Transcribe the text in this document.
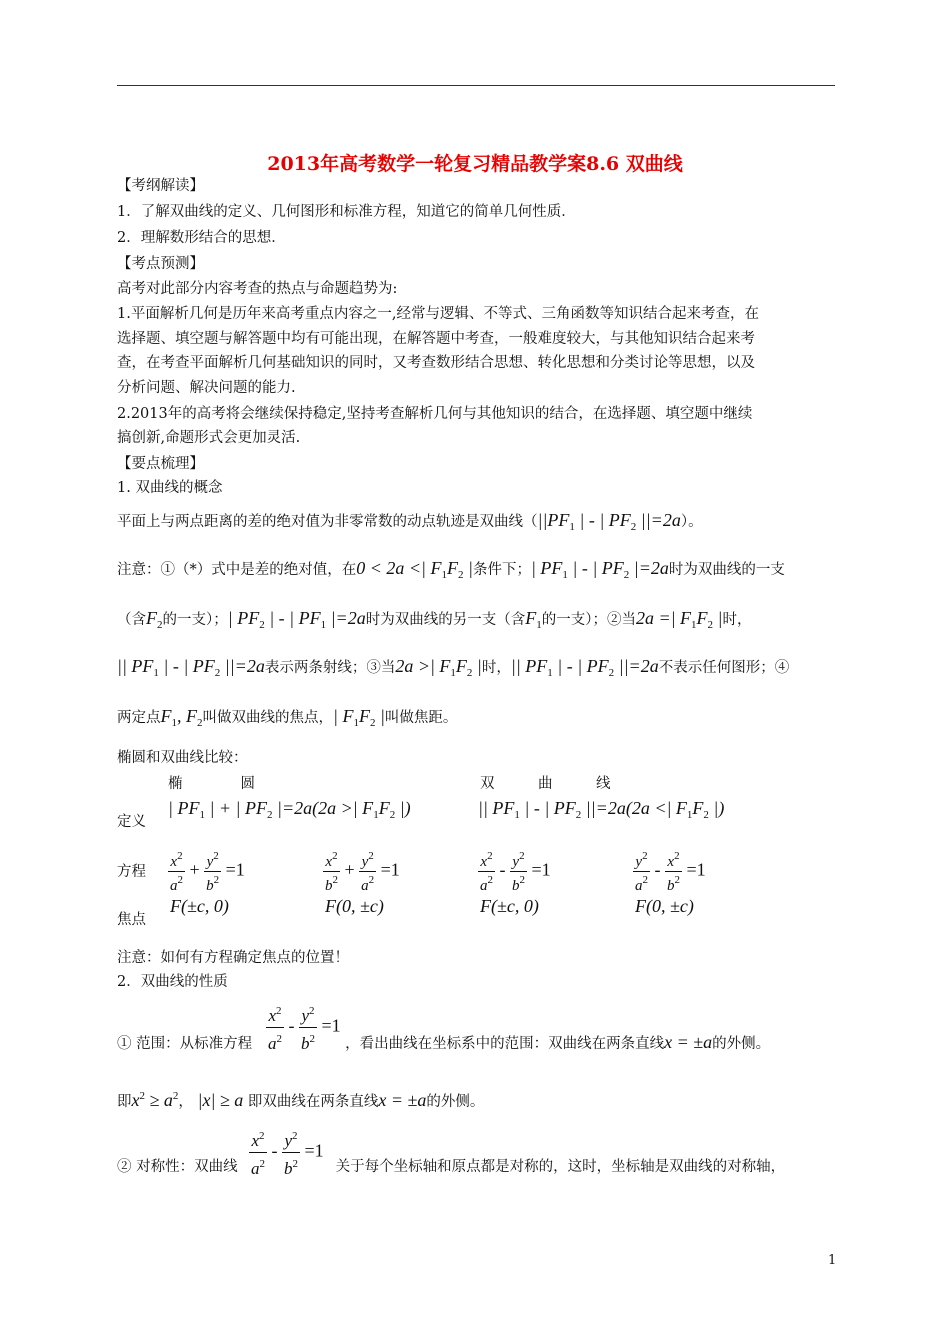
2013年高考数学一轮复习精品教学案8.6 双曲线
【考纲解读】
1．了解双曲线的定义、几何图形和标准方程，知道它的简单几何性质．
2．理解数形结合的思想．
【考点预测】
高考对此部分内容考查的热点与命题趋势为:
1.平面解析几何是历年来高考重点内容之一,经常与逻辑、不等式、三角函数等知识结合起来考查，在
选择题、填空题与解答题中均有可能出现，在解答题中考查，一般难度较大，与其他知识结合起来考
查，在考查平面解析几何基础知识的同时，又考查数形结合思想、转化思想和分类讨论等思想，以及
分析问题、解决问题的能力.
2.2013年的高考将会继续保持稳定,坚持考查解析几何与其他知识的结合，在选择题、填空题中继续
搞创新,命题形式会更加灵活.
【要点梳理】
1. 双曲线的概念
平面上与两点距离的差的绝对值为非零常数的动点轨迹是双曲线（$||PF_1$ | - | $PF_2$ ||=2a）。
注意：①（*）式中是差的绝对值，在0 < 2a <| $F_1F_2$ |条件下；| $PF_1$ | - | $PF_2$ |=2a时为双曲线的一支
（含$F_2$的一支）；| $PF_2$ | - | $PF_1$ |=2a时为双曲线的另一支（含$F_1$的一支）；②当2a =| $F_1F_2$ |时，
|| $PF_1$ | - | $PF_2$ ||=2a表示两条射线；③当2a >| $F_1F_2$ |时，|| $PF_1$ | - | $PF_2$ ||=2a不表示任何图形；④
两定点$F_1$, $F_2$叫做双曲线的焦点，| $F_1F_2$ |叫做焦距。
椭圆和双曲线比较：
椭　　　　圆	双　　　曲　　　线
定义
| $PF_1$ | + | $PF_2$ |=2a(2a >| $F_1F_2$ |)	|| $PF_1$ | - | $PF_2$ ||=2a(2a <| $F_1F_2$ |)
方程 $\frac{x^2}{a^2} + \frac{y^2}{b^2} =1$	$\frac{x^2}{b^2} + \frac{y^2}{a^2} =1$	$\frac{x^2}{a^2} - \frac{y^2}{b^2} =1$	$\frac{y^2}{a^2} - \frac{x^2}{b^2} =1$
焦点
F(±c, 0)	F(0, ±c)	F(±c, 0)	F(0, ±c)
注意：如何有方程确定焦点的位置！
2．双曲线的性质
$\frac{x^2}{a^2} - \frac{y^2}{b^2} =1$
① 范围：从标准方程	，看出曲线在坐标系中的范围：双曲线在两条直线x = ±a的外侧。
即$x^2 \ge a^2$， |x| ≥ a 即双曲线在两条直线x = ±a的外侧。
$\frac{x^2}{a^2} - \frac{y^2}{b^2} =1$
② 对称性：双曲线	关于每个坐标轴和原点都是对称的，这时，坐标轴是双曲线的对称轴，
1
